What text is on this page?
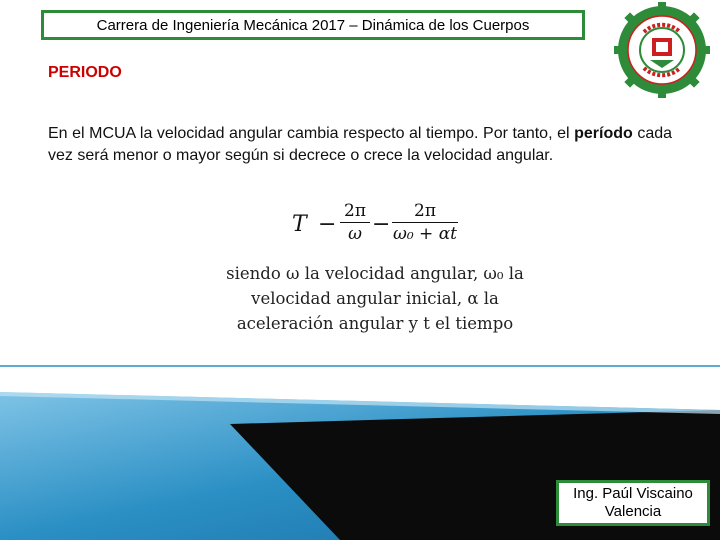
Carrera de Ingeniería Mecánica 2017 – Dinámica de los Cuerpos
PERIODO
En el MCUA la velocidad angular cambia respecto al tiempo. Por tanto, el período cada vez será menor o mayor según si decrece o crece la velocidad angular.
$T - \frac{2\pi}{\omega} - \frac{2\pi}{\text{ω₀ + αt}}$
siendo ω la velocidad angular, ω₀ la
velocidad angular inicial, α la
aceleración angular y t el tiempo
Ing. Paúl Viscaino
Valencia
